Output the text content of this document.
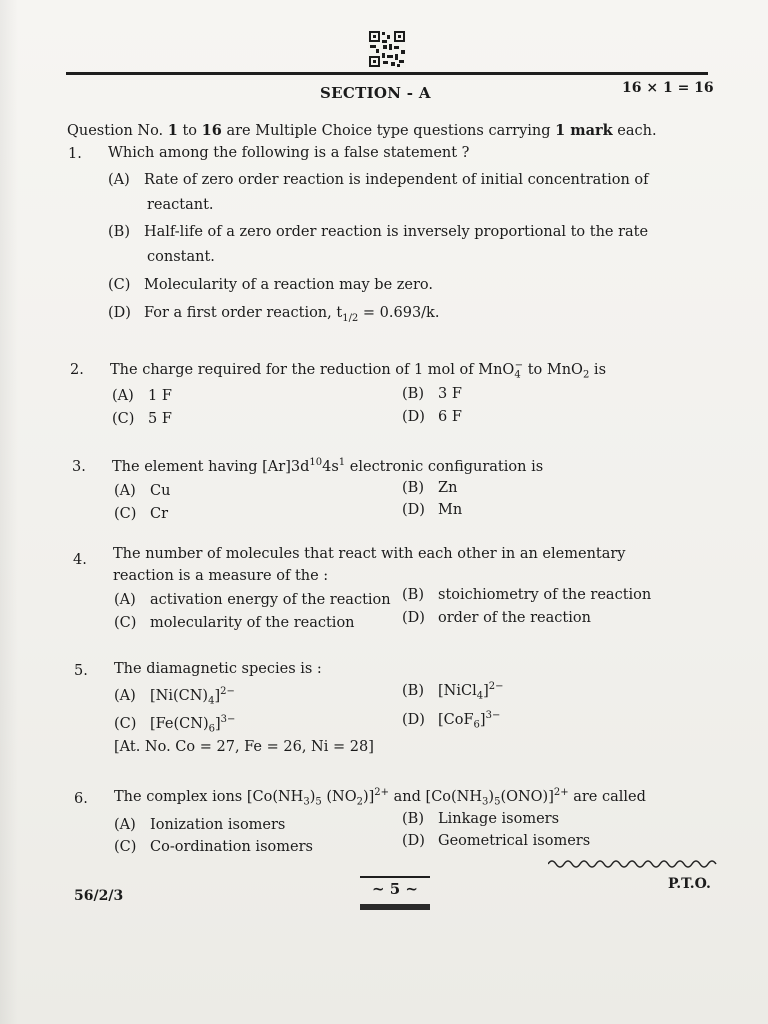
SECTION - A	16 × 1 = 16
Question No. 1 to 16 are Multiple Choice type questions carrying 1 mark each.
1. Which among the following is a false statement ?
(A) Rate of zero order reaction is independent of initial concentration of
reactant.
(B) Half-life of a zero order reaction is inversely proportional to the rate
constant.
(C) Molecularity of a reaction may be zero.
(D) For a first order reaction, $t_{1/2} = 0.693/k$.
2. The charge required for the reduction of 1 mol of MnO$_4$− to MnO$_2$ is
(A) 1 F	(B) 3 F
(C) 5 F	(D) 6 F
3. The element having $[Ar]3d^{10}4s^1$ electronic configuration is
(A) Cu	(B) Zn
(C) Cr	(D) Mn
4. The number of molecules that react with each other in an elementary
reaction is a measure of the :
(A) activation energy of the reaction (B) stoichiometry of the reaction
(C) molecularity of the reaction	(D) order of the reaction
5. The diamagnetic species is :
(A) $[Ni(CN)_4]^{2-}$	(B) [NiCl$_4$]$^{2-}$
(C) $[Fe(CN)_6]^{3-}$	(D) $[CoF_6]^{3-}$
[At. No. Co = 27, Fe = 26, Ni = 28]
6. The complex ions [$Co(NH_3)_5$ $(NO_2)]^{2+}$ and $[Co(NH_3)_5(ONO)]^{2+}$ are called
(A) Ionization isomers	(B) Linkage isomers
(C) Co-ordination isomers	(D) Geometrical isomers
56/2/3	~ 5 ~	P.T.O.
